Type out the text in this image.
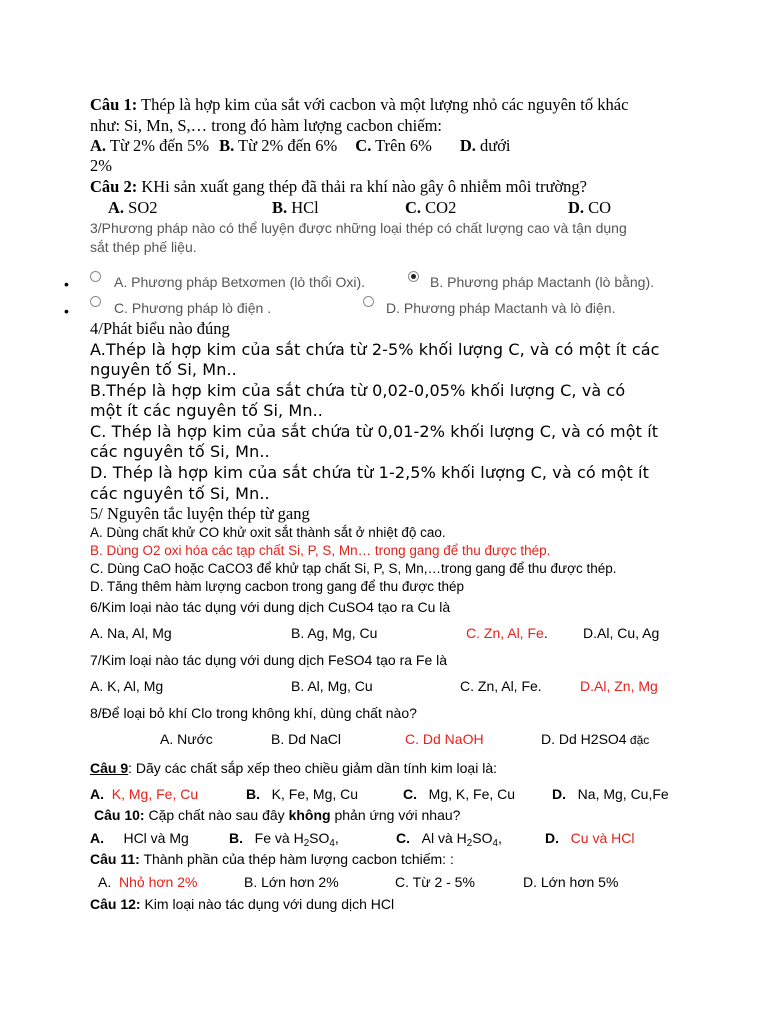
Câu 1: Thép là hợp kim của sắt với cacbon và một lượng nhỏ các nguyên tố khác
như: Si, Mn, S,… trong đó hàm lượng cacbon chiếm:
A. Từ 2% đến 5% B. Từ 2% đến 6% C. Trên 6% D. dưới
2%
Câu 2: KHi sản xuất gang thép đã thải ra khí nào gây ô nhiễm môi trường?
A. SO2	B. HCl	C. CO2	D. CO
3/Phương pháp nào có thể luyện được những loại thép có chất lượng cao và tận dụng
sắt thép phế liệu.
•	A. Phương pháp Betxơmen (lò thổi Oxi).	B. Phương pháp Mactanh (lò bằng).
•	C. Phương pháp lò điện .	D. Phương pháp Mactanh và lò điện.
4/Phát biểu nào đúng
A.Thép là hợp kim của sắt chứa từ 2-5% khối lượng C, và có một ít các
nguyên tố Si, Mn..
B.Thép là hợp kim của sắt chứa từ 0,02-0,05% khối lượng C, và có
một ít các nguyên tố Si, Mn..
C. Thép là hợp kim của sắt chứa từ 0,01-2% khối lượng C, và có một ít
các nguyên tố Si, Mn..
D. Thép là hợp kim của sắt chứa từ 1-2,5% khối lượng C, và có một ít
các nguyên tố Si, Mn..
5/ Nguyên tắc luyện thép từ gang
A. Dùng chất khử CO khử oxit sắt thành sắt ở nhiệt độ cao.
B. Dùng O2 oxi hóa các tạp chất Si, P, S, Mn… trong gang để thu được thép.
C. Dùng CaO hoặc CaCO3 để khử tạp chất Si, P, S, Mn,…trong gang để thu được thép.
D. Tăng thêm hàm lượng cacbon trong gang để thu được thép
6/Kim loại nào tác dụng với dung dịch CuSO4 tạo ra Cu là
A. Na, Al, Mg	B. Ag, Mg, Cu	C. Zn, Al, Fe.	D.Al, Cu, Ag
7/Kim loại nào tác dụng với dung dịch FeSO4 tạo ra Fe là
A. K, Al, Mg	B. Al, Mg, Cu	C. Zn, Al, Fe.	D.Al, Zn, Mg
8/Để loại bỏ khí Clo trong không khí, dùng chất nào?
A. Nước	B. Dd NaCl	C. Dd NaOH	D. Dd H2SO4 đặc
Câu 9: Dãy các chất sắp xếp theo chiều giảm dần tính kim loại là:
A. K, Mg, Fe, Cu	B. K, Fe, Mg, Cu	C. Mg, K, Fe, Cu	D. Na, Mg, Cu,Fe
Câu 10: Cặp chất nào sau đây không phản ứng với nhau?
A. HCl và Mg	B. Fe và $H_2SO_4$,	C. Al và $H_2SO_4$,	D. Cu và HCl
Câu 11: Thành phần của thép hàm lượng cacbon tchiếm: :
A. Nhỏ hơn 2%	B. Lớn hơn 2%	C. Từ 2 - 5%	D. Lớn hơn 5%
Câu 12: Kim loại nào tác dụng với dung dịch HCl
